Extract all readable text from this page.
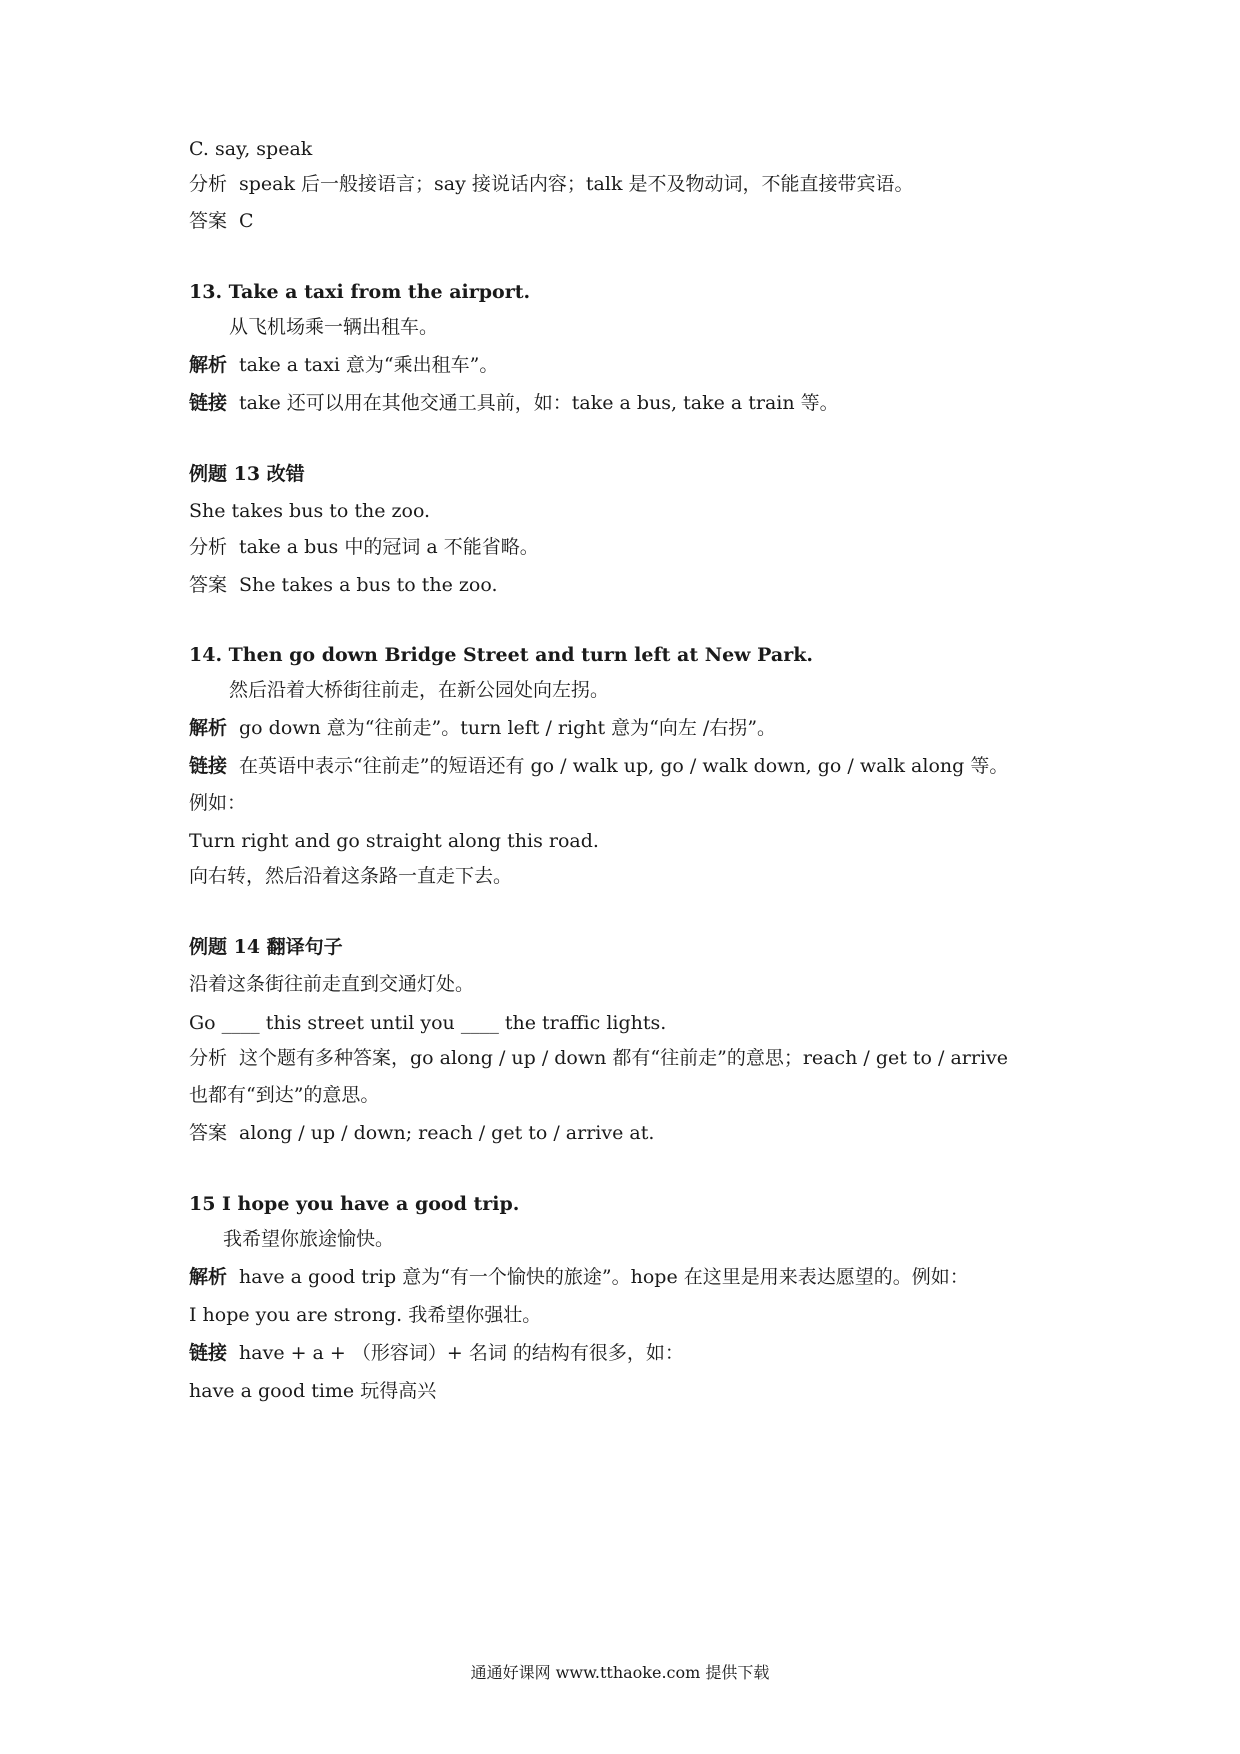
C. say, speak
分析 speak 后一般接语言；say 接说话内容；talk 是不及物动词，不能直接带宾语。
答案 C
13. Take a taxi from the airport.
从飞机场乘一辆出租车。
解析 take a taxi 意为“乘出租车”。
链接 take 还可以用在其他交通工具前，如：take a bus, take a train 等。
例题 13 改错
She takes bus to the zoo.
分析 take a bus 中的冠词 a 不能省略。
答案 She takes a bus to the zoo.
14. Then go down Bridge Street and turn left at New Park.
然后沿着大桥街往前走，在新公园处向左拐。
解析 go down 意为“往前走”。turn left / right 意为“向左 /右拐”。
链接 在英语中表示“往前走”的短语还有 go / walk up, go / walk down, go / walk along 等。
例如：
Turn right and go straight along this road.
向右转，然后沿着这条路一直走下去。
例题 14 翻译句子
沿着这条街往前走直到交通灯处。
Go ____ this street until you ____ the traffic lights.
分析 这个题有多种答案，go along / up / down 都有“往前走”的意思；reach / get to / arrive
也都有“到达”的意思。
答案 along / up / down; reach / get to / arrive at.
15 I hope you have a good trip.
我希望你旅途愉快。
解析 have a good trip 意为“有一个愉快的旅途”。hope 在这里是用来表达愿望的。例如：
I hope you are strong. 我希望你强壮。
链接 have + a + （形容词）+ 名词 的结构有很多，如：
have a good time 玩得高兴
通通好课网 www.tthaoke.com 提供下载
